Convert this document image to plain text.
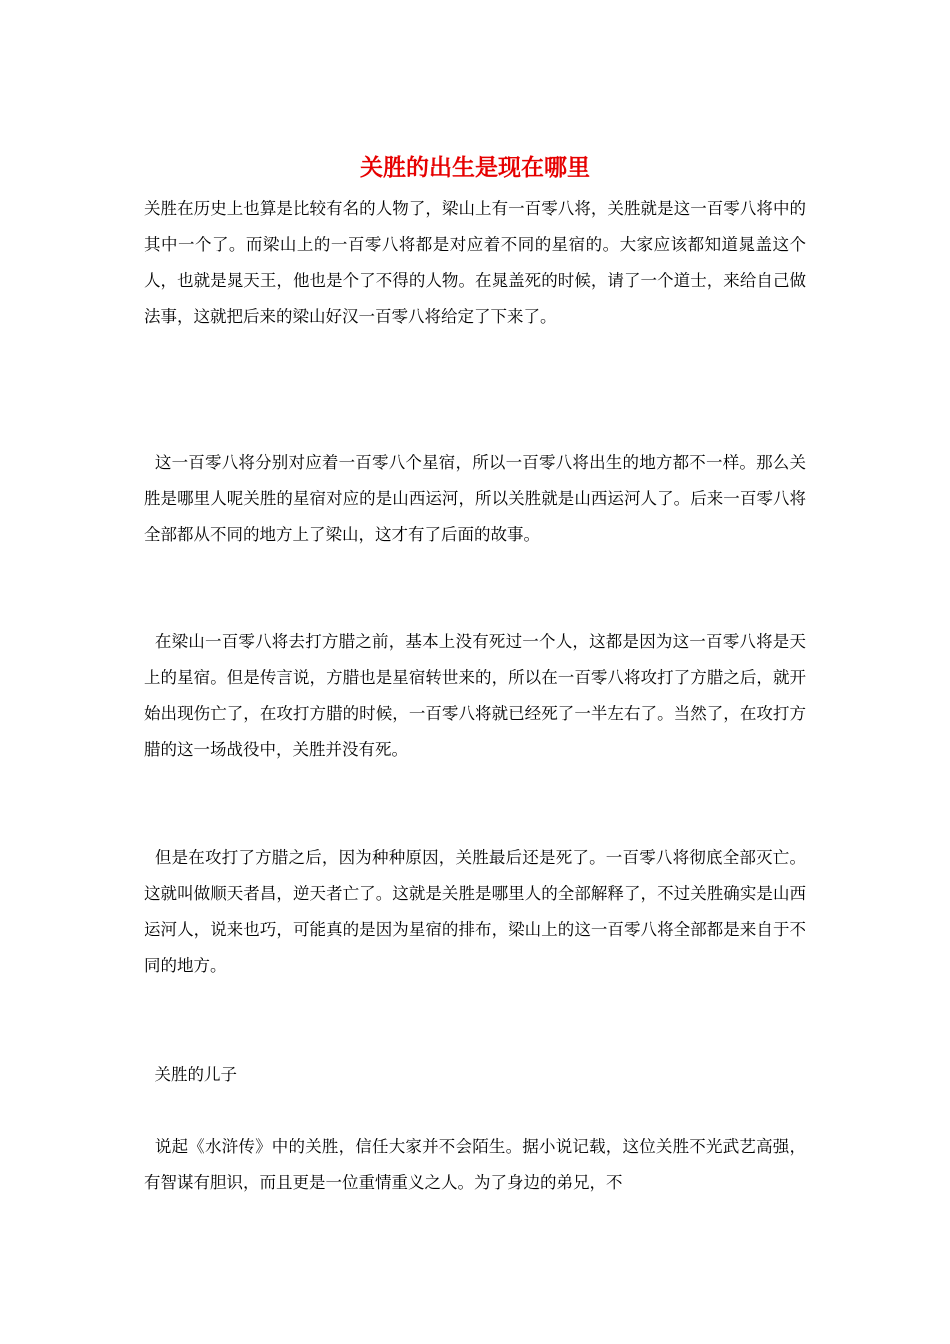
关胜的出生是现在哪里

关胜在历史上也算是比较有名的人物了，梁山上有一百零八将，关胜就是这一百零八将中的其中一个了。而梁山上的一百零八将都是对应着不同的星宿的。大家应该都知道晁盖这个人，也就是晁天王，他也是个了不得的人物。在晁盖死的时候，请了一个道士，来给自己做法事，这就把后来的梁山好汉一百零八将给定了下来了。

这一百零八将分别对应着一百零八个星宿，所以一百零八将出生的地方都不一样。那么关胜是哪里人呢关胜的星宿对应的是山西运河，所以关胜就是山西运河人了。后来一百零八将全部都从不同的地方上了梁山，这才有了后面的故事。

在梁山一百零八将去打方腊之前，基本上没有死过一个人，这都是因为这一百零八将是天上的星宿。但是传言说，方腊也是星宿转世来的，所以在一百零八将攻打了方腊之后，就开始出现伤亡了，在攻打方腊的时候，一百零八将就已经死了一半左右了。当然了，在攻打方腊的这一场战役中，关胜并没有死。

但是在攻打了方腊之后，因为种种原因，关胜最后还是死了。一百零八将彻底全部灭亡。这就叫做顺天者昌，逆天者亡了。这就是关胜是哪里人的全部解释了，不过关胜确实是山西运河人，说来也巧，可能真的是因为星宿的排布，梁山上的这一百零八将全部都是来自于不同的地方。

关胜的儿子

说起《水浒传》中的关胜，信任大家并不会陌生。据小说记载，这位关胜不光武艺高强，有智谋有胆识，而且更是一位重情重义之人。为了身边的弟兄，不
